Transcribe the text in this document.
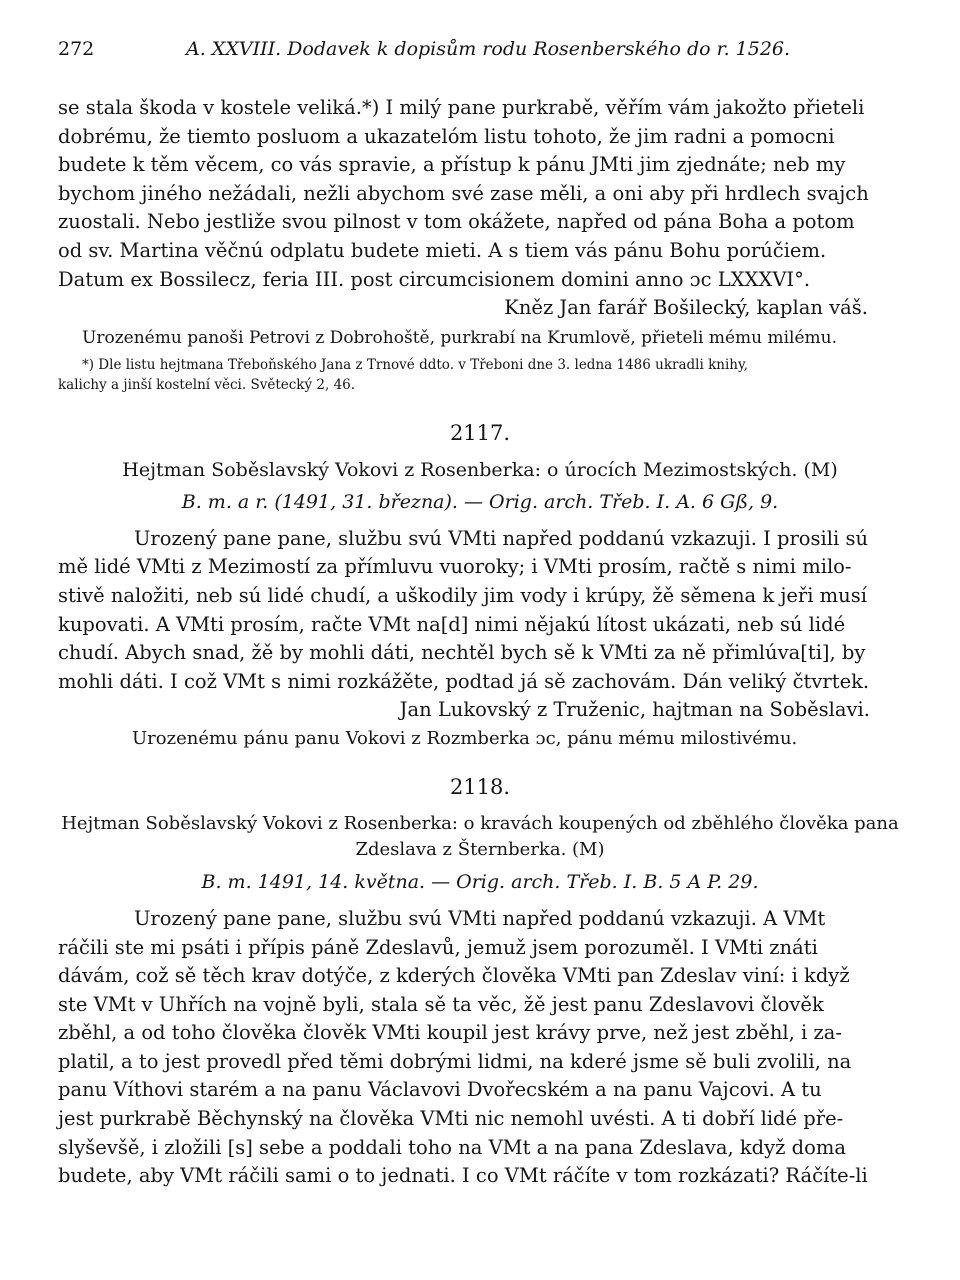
272	A. XXVIII. Dodavek k dopisům rodu Rosenberského do r. 1526.
se stala škoda v kostele veliká.*) I milý pane purkrabě, věřím vám jakožto přieteli
dobrému, že tiemto posluom a ukazatelóm listu tohoto, že jim radni a pomocni
budete k těm věcem, co vás spravie, a přístup k pánu JMti jim zjednáte; neb my
bychom jiného nežádali, nežli abychom své zase měli, a oni aby při hrdlech svajch
zuostali. Nebo jestliže svou pilnost v tom okážete, napřed od pána Boha a potom
od sv. Martina věčnú odplatu budete mieti. A s tiem vás pánu Bohu porúčiem.
Datum ex Bossilecz, feria III. post circumcisionem domini anno ɔc LXXXVI°.
Kněz Jan farář Bošilecký, kaplan váš.
Urozenému panoši Petrovi z Dobrohoště, purkrabí na Krumlově, přieteli mému milému.
*) Dle listu hejtmana Třeboňského Jana z Trnové ddto. v Třeboni dne 3. ledna 1486 ukradli knihy,
kalichy a jinší kostelní věci. Světecký 2, 46.
2117.
Hejtman Soběslavský Vokovi z Rosenberka: o úrocích Mezimostských. (M)
B. m. a r. (1491, 31. března). — Orig. arch. Třeb. I. A. 6 Gß, 9.
Urozený pane pane, službu svú VMti napřed poddanú vzkazuji. I prosili sú
mě lidé VMti z Mezimostí za přímluvu vuoroky; i VMti prosím, račtě s nimi milo-
stivě naložiti, neb sú lidé chudí, a uškodily jim vody i krúpy, žě sěmena k jeři musí
kupovati. A VMti prosím, račte VMt na[d] nimi nějakú lítost ukázati, neb sú lidé
chudí. Abych snad, žě by mohli dáti, nechtěl bych sě k VMti za ně přimlúva[ti], by
mohli dáti. I což VMt s nimi rozkážěte, podtad já sě zachovám. Dán veliký čtvrtek.
Jan Lukovský z Truženic, hajtman na Soběslavi.
Urozenému pánu panu Vokovi z Rozmberka ɔc, pánu mému milostivému.
2118.
Hejtman Soběslavský Vokovi z Rosenberka: o kravách koupených od zběhlého člověka pana
Zdeslava z Šternberka. (M)
B. m. 1491, 14. května. — Orig. arch. Třeb. I. B. 5 A P. 29.
Urozený pane pane, službu svú VMti napřed poddanú vzkazuji. A VMt
ráčili ste mi psáti i přípis páně Zdeslavů, jemuž jsem porozuměl. I VMti znáti
dávám, což sě těch krav dotýče, z kderých člověka VMti pan Zdeslav viní: i když
ste VMt v Uhřích na vojně byli, stala sě ta věc, žě jest panu Zdeslavovi člověk
zběhl, a od toho člověka člověk VMti koupil jest krávy prve, než jest zběhl, i za-
platil, a to jest provedl před těmi dobrými lidmi, na kderé jsme sě buli zvolili, na
panu Víthovi starém a na panu Václavovi Dvořecském a na panu Vajcovi. A tu
jest purkrabě Běchynský na člověka VMti nic nemohl uvésti. A ti dobří lidé pře-
slyševšě, i zložili [s] sebe a poddali toho na VMt a na pana Zdeslava, když doma
budete, aby VMt ráčili sami o to jednati. I co VMt ráčíte v tom rozkázati? Ráčíte-li
